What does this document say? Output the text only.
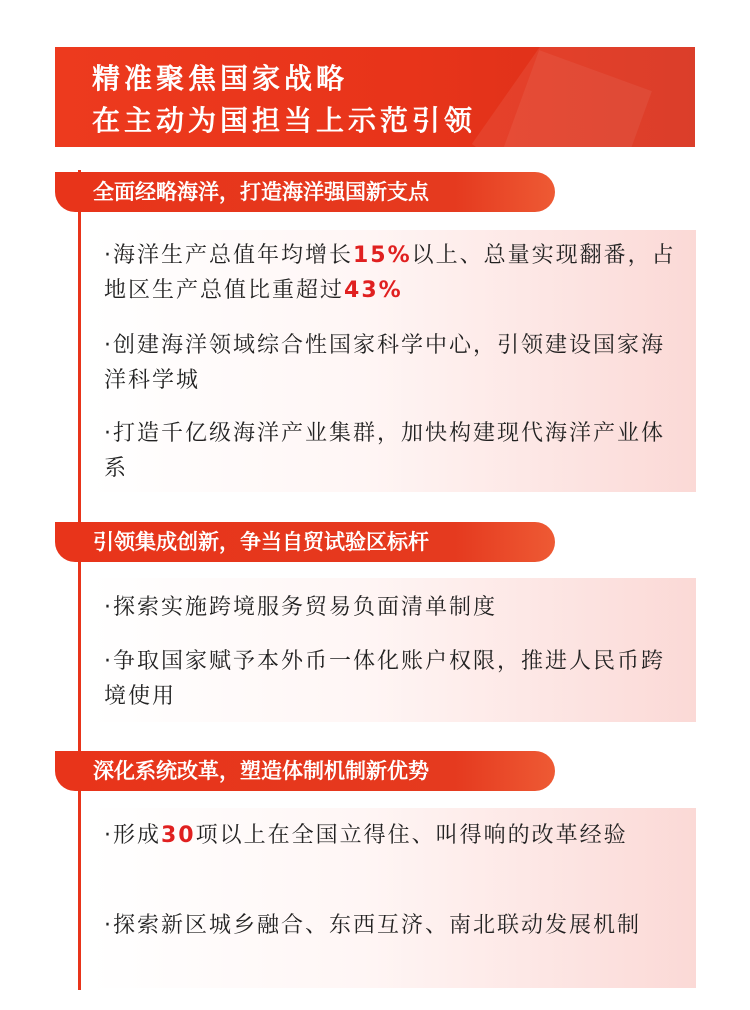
精准聚焦国家战略
在主动为国担当上示范引领
全面经略海洋，打造海洋强国新支点
·海洋生产总值年均增长15%以上、总量实现翻番，占地区生产总值比重超过43%
·创建海洋领域综合性国家科学中心，引领建设国家海洋科学城
·打造千亿级海洋产业集群，加快构建现代海洋产业体系
引领集成创新，争当自贸试验区标杆
·探索实施跨境服务贸易负面清单制度
·争取国家赋予本外币一体化账户权限，推进人民币跨境使用
深化系统改革，塑造体制机制新优势
·形成30项以上在全国立得住、叫得响的改革经验
·探索新区城乡融合、东西互济、南北联动发展机制
